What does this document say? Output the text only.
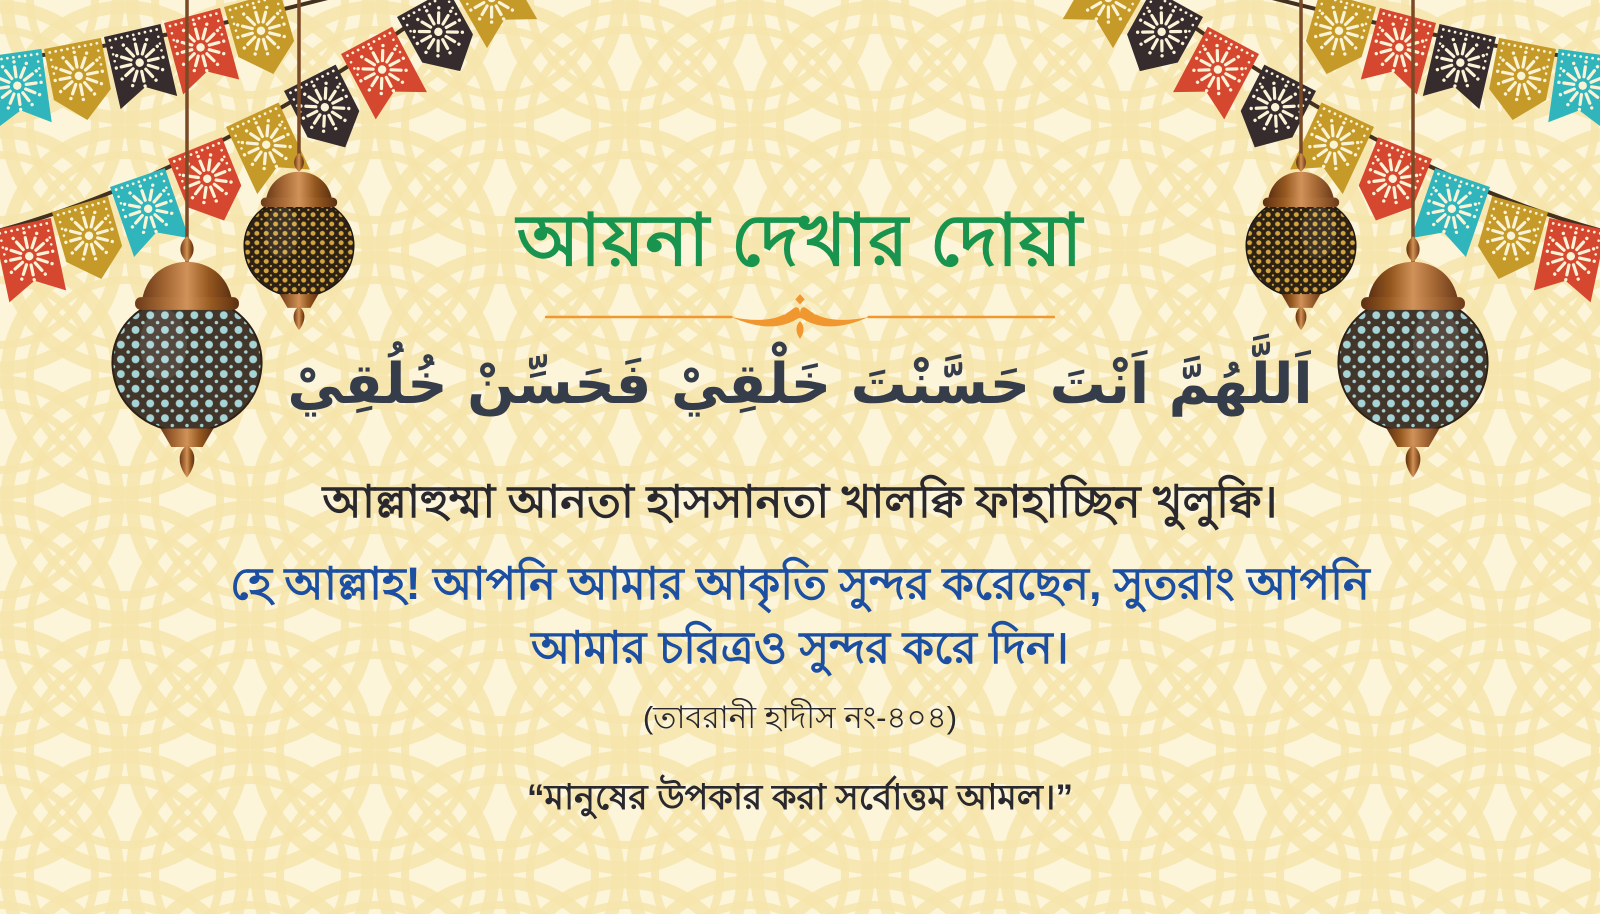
আয়না দেখার দোয়া
اَللَّهُمَّ اَنْتَ حَسَّنْتَ خَلْقِيْ فَحَسِّنْ خُلُقِيْ
আল্লাহুম্মা আনতা হাসসানতা খালক্বি ফাহাচ্ছিন খুলুক্বি।
হে আল্লাহ! আপনি আমার আকৃতি সুন্দর করেছেন, সুতরাং আপনি
আমার চরিত্রও সুন্দর করে দিন।
(তাবরানী হাদীস নং-৪০৪)
“মানুষের উপকার করা সর্বোত্তম আমল।”
